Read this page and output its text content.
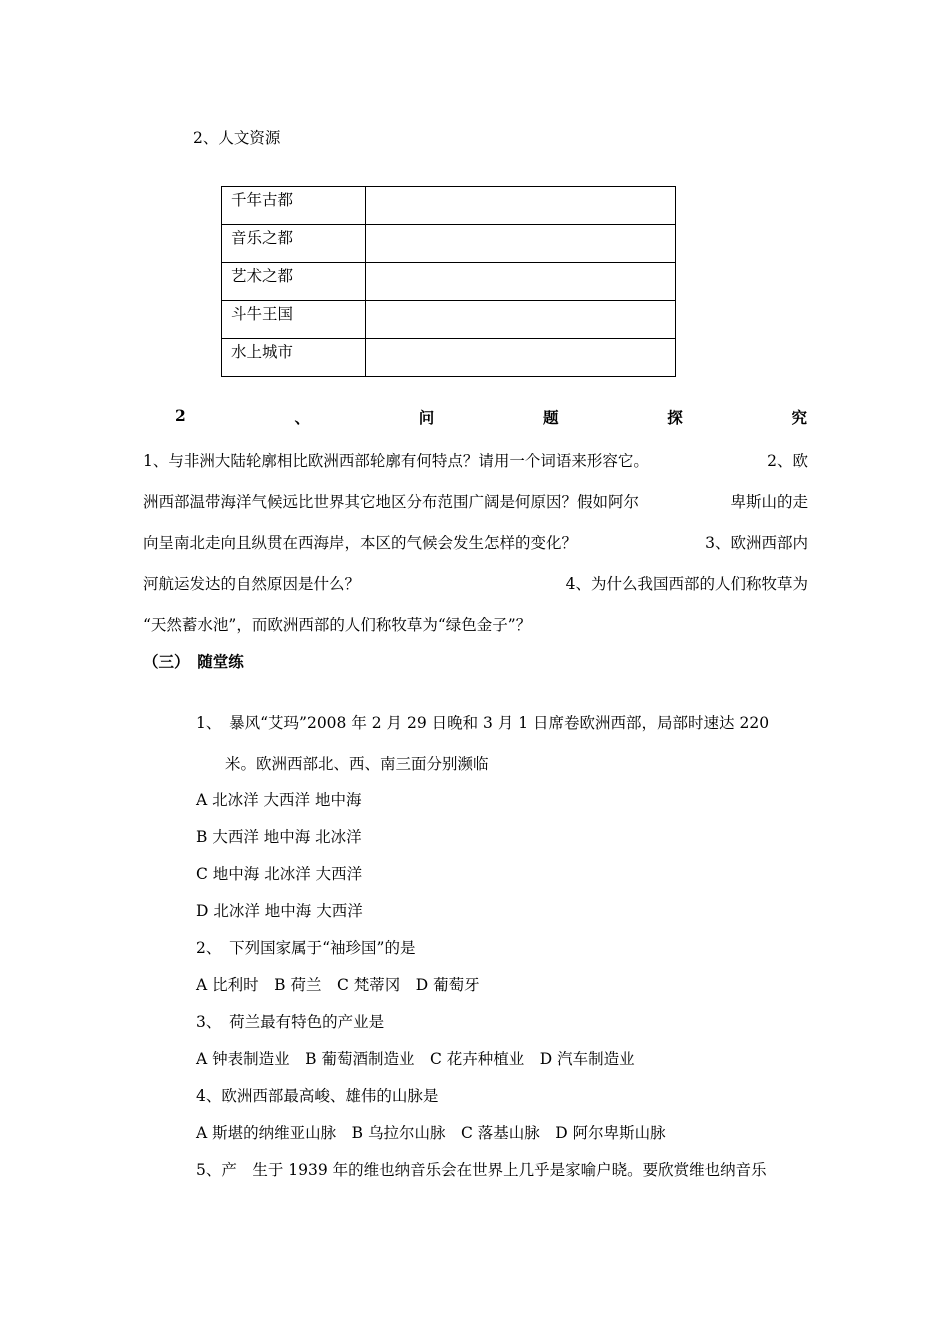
2、人文资源
千年古都	
音乐之都	
艺术之都	
斗牛王国	
水上城市	
2	、	问	题	探	究
1、与非洲大陆轮廓相比欧洲西部轮廓有何特点？请用一个词语来形容它。	2、欧
洲西部温带海洋气候远比世界其它地区分布范围广阔是何原因？假如阿尔	卑斯山的走
向呈南北走向且纵贯在西海岸，本区的气候会发生怎样的变化？	3、欧洲西部内
河航运发达的自然原因是什么？	4、为什么我国西部的人们称牧草为
“天然蓄水池”，而欧洲西部的人们称牧草为“绿色金子”？
（三）　随堂练
1、　暴风“艾玛”2008 年 2 月 29 日晚和 3 月 1 日席卷欧洲西部，局部时速达 220
米。欧洲西部北、西、南三面分别濒临
A 北冰洋 大西洋 地中海
B 大西洋 地中海 北冰洋
C 地中海 北冰洋 大西洋
D 北冰洋 地中海 大西洋
2、　下列国家属于“袖珍国”的是
A 比利时　B 荷兰　C 梵蒂冈　D 葡萄牙
3、　荷兰最有特色的产业是
A 钟表制造业　B 葡萄酒制造业　C 花卉种植业　D 汽车制造业
4、欧洲西部最高峻、雄伟的山脉是
A 斯堪的纳维亚山脉　B 乌拉尔山脉　C 落基山脉　D 阿尔卑斯山脉
5、产　生于 1939 年的维也纳音乐会在世界上几乎是家喻户晓。要欣赏维也纳音乐
